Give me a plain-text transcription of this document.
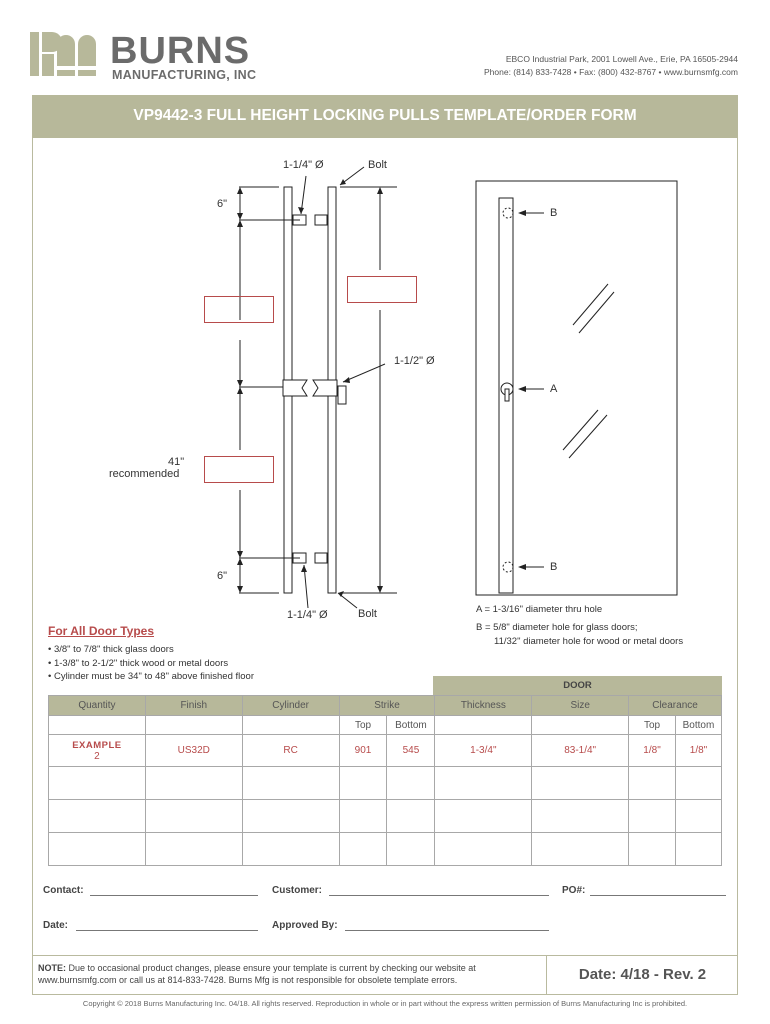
BURNS
MANUFACTURING, INC
EBCO Industrial Park, 2001 Lowell Ave., Erie, PA 16505-2944
Phone: (814) 833-7428 • Fax: (800) 432-8767 • www.burnsmfg.com
VP9442-3 FULL HEIGHT LOCKING PULLS TEMPLATE/ORDER FORM
1-1/4" Ø	Bolt
6"
1-1/2" Ø
41"
recommended
6"
1-1/4" Ø	Bolt
B
A
B
A = 1-3/16" diameter thru hole
B = 5/8" diameter hole for glass doors;
11/32" diameter hole for wood or metal doors
For All Door Types
• 3/8" to 7/8" thick glass doors
• 1-3/8" to 2-1/2" thick wood or metal doors
• Cylinder must be 34" to 48" above finished floor
DOOR
Quantity	Finish	Cylinder	Strike		Thickness	Size	Clearance	
			Top	Bottom			Top	Bottom

EXAMPLE
2	US32D	RC	901	545	1-3/4"	83-1/4"	1/8"	1/8"

Contact:	Customer:	PO#:
Date:	Approved By:
NOTE: Due to occasional product changes, please ensure your template is current by checking our website at www.burnsmfg.com or call us at 814-833-7428. Burns Mfg is not responsible for obsolete template errors.	Date: 4/18 - Rev. 2
Copyright © 2018 Burns Manufacturing Inc. 04/18. All rights reserved. Reproduction in whole or in part without the express written permission of Burns Manufacturing Inc is prohibited.
